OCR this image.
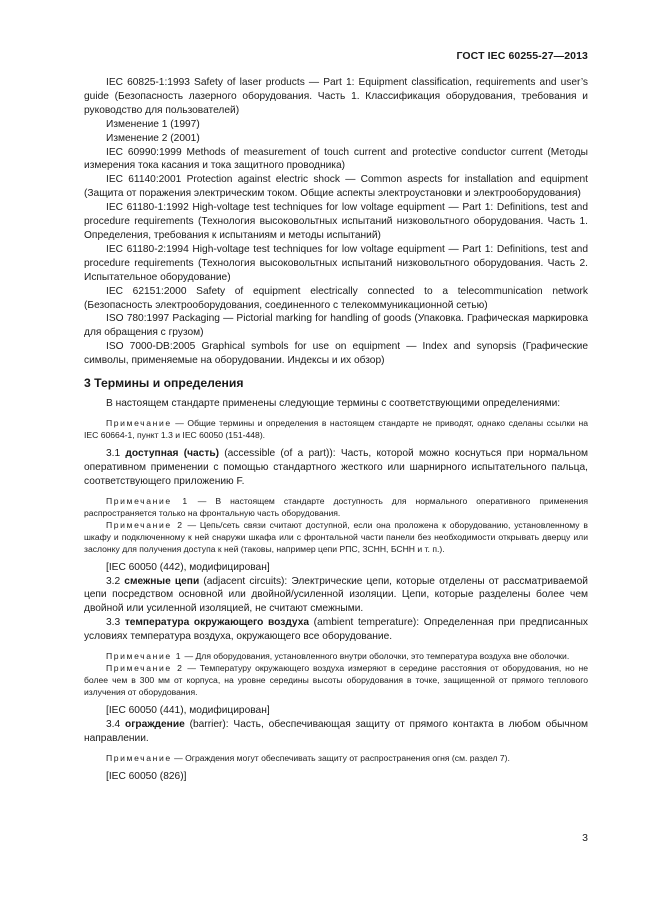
ГОСТ IEC 60255-27—2013

IEC 60825-1:1993 Safety of laser products — Part 1: Equipment classification, requirements and user’s guide (Безопасность лазерного оборудования. Часть 1. Классификация оборудования, требования и руководство для пользователей)

Изменение 1 (1997)

Изменение 2 (2001)

IEC 60990:1999 Methods of measurement of touch current and protective conductor current (Методы измерения тока касания и тока защитного проводника)

IEC 61140:2001 Protection against electric shock — Common aspects for installation and equipment (Защита от поражения электрическим током. Общие аспекты электроустановки и электрооборудования)

IEC 61180-1:1992 High-voltage test techniques for low voltage equipment — Part 1: Definitions, test and procedure requirements (Технология высоковольтных испытаний низковольтного оборудования. Часть 1. Определения, требования к испытаниям и методы испытаний)

IEC 61180-2:1994 High-voltage test techniques for low voltage equipment — Part 1: Definitions, test and procedure requirements (Технология высоковольтных испытаний низковольтного оборудования. Часть 2. Испытательное оборудование)

IEC 62151:2000 Safety of equipment electrically connected to a telecommunication network (Безопасность электрооборудования, соединенного с телекоммуникационной сетью)

ISO 780:1997 Packaging — Pictorial marking for handling of goods (Упаковка. Графическая маркировка для обращения с грузом)

ISO 7000-DB:2005 Graphical symbols for use on equipment — Index and synopsis (Графические символы, применяемые на оборудовании. Индексы и их обзор)

3 Термины и определения

В настоящем стандарте применены следующие термины с соответствующими определениями:

Примечание — Общие термины и определения в настоящем стандарте не приводят, однако сделаны ссылки на IEC 60664-1, пункт 1.3 и IEC 60050 (151-448).

3.1 доступная (часть) (accessible (of a part)): Часть, которой можно коснуться при нормальном оперативном применении с помощью стандартного жесткого или шарнирного испытательного пальца, соответствующего приложению F.

Примечание 1 — В настоящем стандарте доступность для нормального оперативного применения распространяется только на фронтальную часть оборудования.

Примечание 2 — Цепь/сеть связи считают доступной, если она проложена к оборудованию, установленному в шкафу и подключенному к ней снаружи шкафа или с фронтальной части панели без необходимости открывать дверцу или заслонку для получения доступа к ней (таковы, например цепи РПС, ЗСНН, БСНН и т. п.).

[IEC 60050 (442), модифицирован]

3.2 смежные цепи (adjacent circuits): Электрические цепи, которые отделены от рассматриваемой цепи посредством основной или двойной/усиленной изоляции. Цепи, которые разделены более чем двойной или усиленной изоляцией, не считают смежными.

3.3 температура окружающего воздуха (ambient temperature): Определенная при предписанных условиях температура воздуха, окружающего все оборудование.

Примечание 1 — Для оборудования, установленного внутри оболочки, это температура воздуха вне оболочки.

Примечание 2 — Температуру окружающего воздуха измеряют в середине расстояния от оборудования, но не более чем в 300 мм от корпуса, на уровне середины высоты оборудования в точке, защищенной от прямого теплового излучения от оборудования.

[IEC 60050 (441), модифицирован]

3.4 ограждение (barrier): Часть, обеспечивающая защиту от прямого контакта в любом обычном направлении.

Примечание — Ограждения могут обеспечивать защиту от распространения огня (см. раздел 7).

[IEC 60050 (826)]

3
